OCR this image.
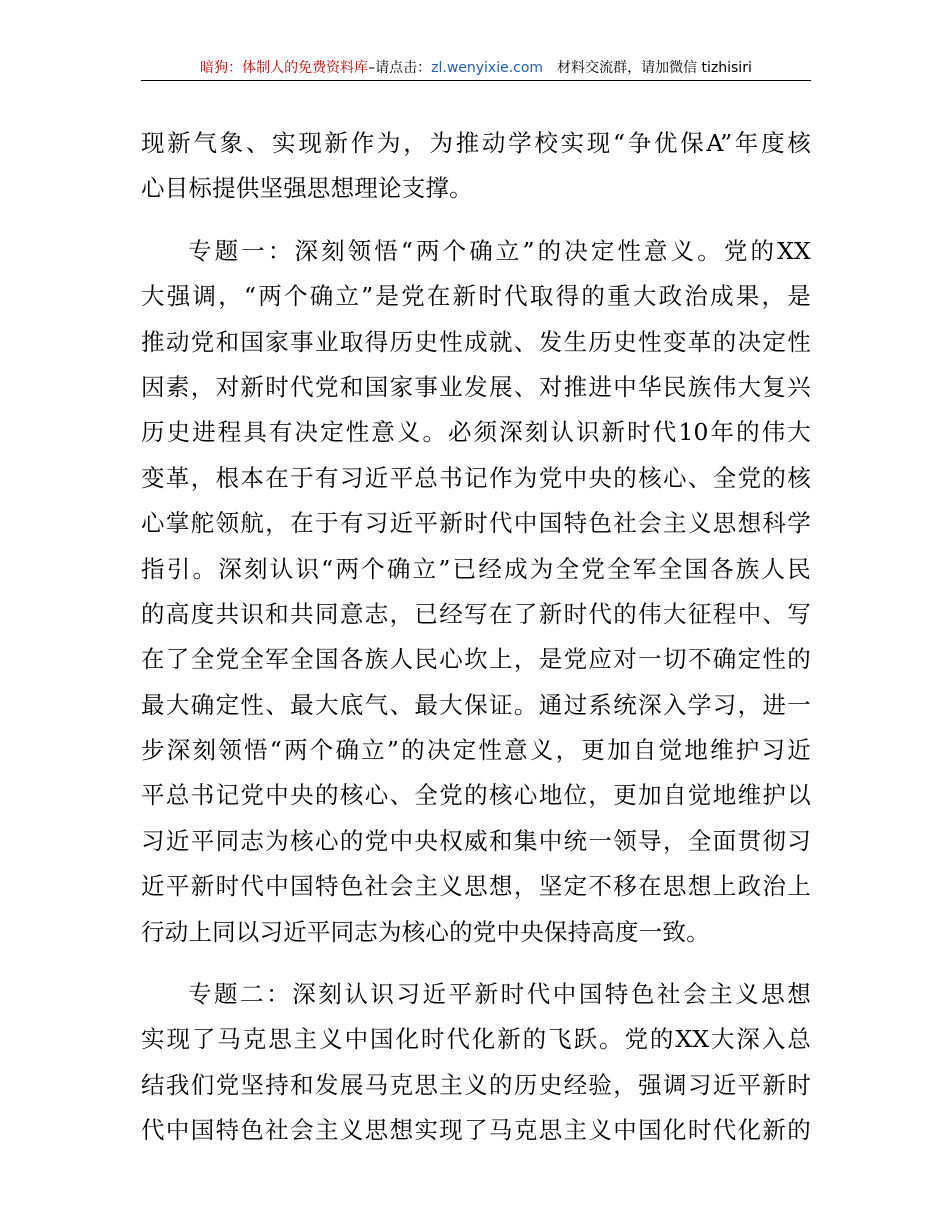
暗狗：体制人的免费资料库–请点击：zl.wenyixie.com 材料交流群，请加微信 tizhisiri
现新气象、实现新作为，为推动学校实现“争优保A”年度核
心目标提供坚强思想理论支撑。
专题一：深刻领悟“两个确立”的决定性意义。党的XX
大强调，“两个确立”是党在新时代取得的重大政治成果，是
推动党和国家事业取得历史性成就、发生历史性变革的决定性
因素，对新时代党和国家事业发展、对推进中华民族伟大复兴
历史进程具有决定性意义。必须深刻认识新时代10年的伟大
变革，根本在于有习近平总书记作为党中央的核心、全党的核
心掌舵领航，在于有习近平新时代中国特色社会主义思想科学
指引。深刻认识“两个确立”已经成为全党全军全国各族人民
的高度共识和共同意志，已经写在了新时代的伟大征程中、写
在了全党全军全国各族人民心坎上，是党应对一切不确定性的
最大确定性、最大底气、最大保证。通过系统深入学习，进一
步深刻领悟“两个确立”的决定性意义，更加自觉地维护习近
平总书记党中央的核心、全党的核心地位，更加自觉地维护以
习近平同志为核心的党中央权威和集中统一领导，全面贯彻习
近平新时代中国特色社会主义思想，坚定不移在思想上政治上
行动上同以习近平同志为核心的党中央保持高度一致。
专题二：深刻认识习近平新时代中国特色社会主义思想
实现了马克思主义中国化时代化新的飞跃。党的XX大深入总
结我们党坚持和发展马克思主义的历史经验，强调习近平新时
代中国特色社会主义思想实现了马克思主义中国化时代化新的
